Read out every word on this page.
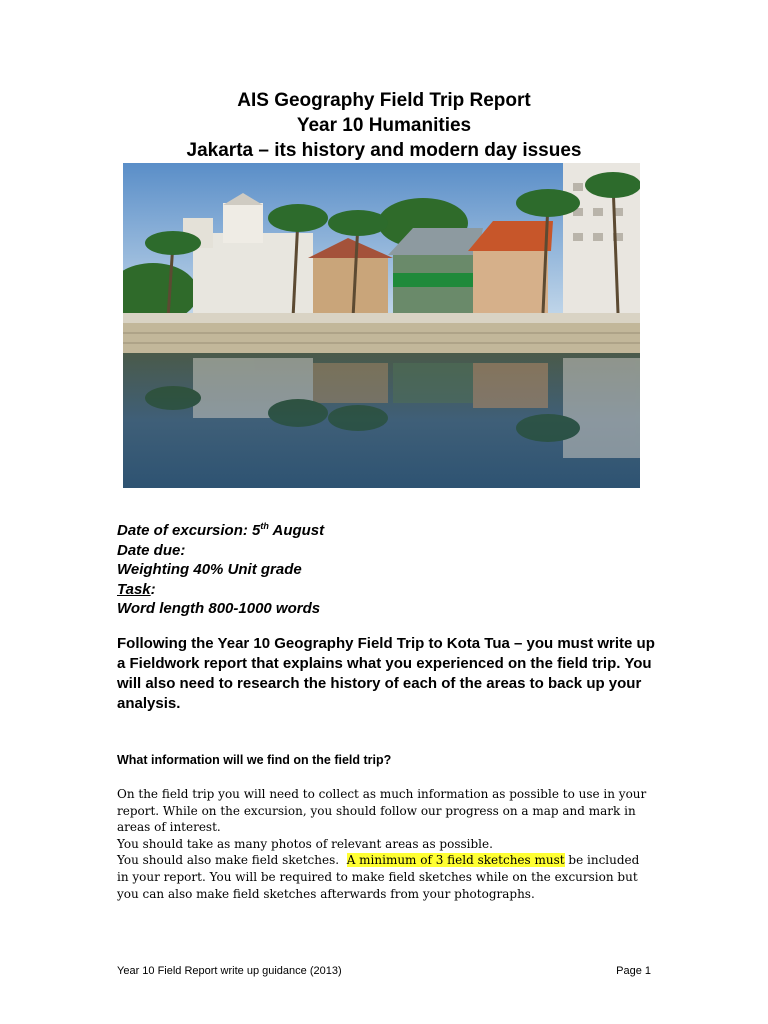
AIS Geography Field Trip Report
Year 10 Humanities
Jakarta – its history and modern day issues
Date of excursion: 5th August
Date due:
Weighting 40% Unit grade
Task:
Word length 800-1000 words
Following the Year 10 Geography Field Trip to Kota Tua – you must write up a Fieldwork report that explains what you experienced on the field trip. You will also need to research the history of each of the areas to back up your analysis.
What information will we find on the field trip?

On the field trip you will need to collect as much information as possible to use in your report. While on the excursion, you should follow our progress on a map and mark in areas of interest.

You should take as many photos of relevant areas as possible.

You should also make field sketches.  A minimum of 3 field sketches must be included in your report. You will be required to make field sketches while on the excursion but you can also make field sketches afterwards from your photographs.

Year 10 Field Report write up guidance (2013)	Page 1
